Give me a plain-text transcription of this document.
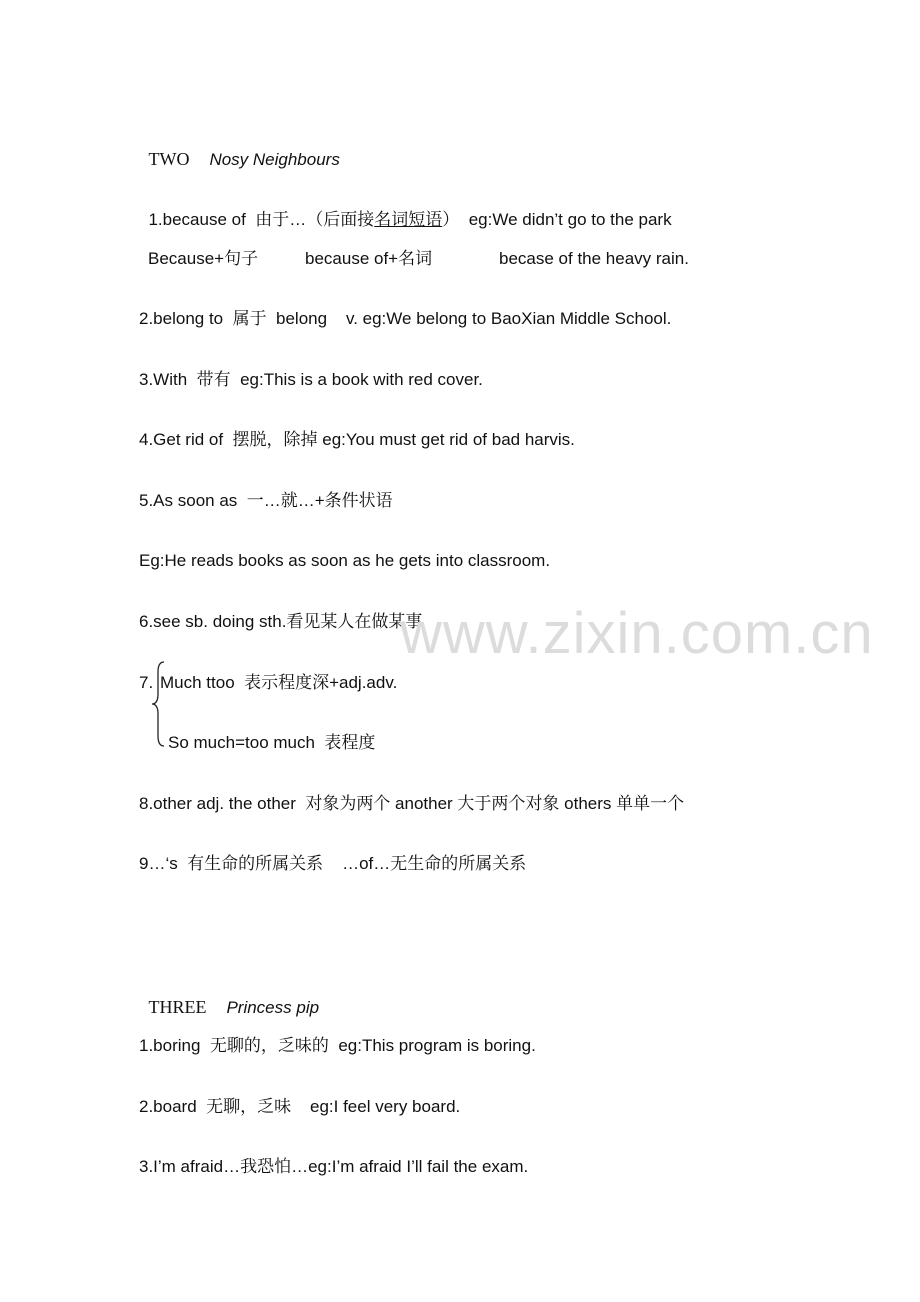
TWO Nosy Neighbours

1.because of  由于…（后面接名词短语）  eg:We didn’t go to the park

Because+句子	because of+名词	becase of the heavy rain.
2.belong to  属于  belong    v. eg:We belong to BaoXian Middle School.
3.With  带有  eg:This is a book with red cover.
4.Get rid of  摆脱，除掉 eg:You must get rid of bad harvis.
5.As soon as  一…就…+条件状语
Eg:He reads books as soon as he gets into classroom.
6.see sb. doing sth.看见某人在做某事
www.zixin.com.cn
7. Much ttoo  表示程度深+adj.adv.
So much=too much  表程度
8.other adj. the other  对象为两个 another 大于两个对象 others 单单一个
9…‘s  有生命的所属关系    …of…无生命的所属关系

THREE Princess pip

1.boring  无聊的，乏味的  eg:This program is boring.
2.board  无聊，乏味    eg:I feel very board.
3.I’m afraid…我恐怕…eg:I’m afraid I’ll fail the exam.
